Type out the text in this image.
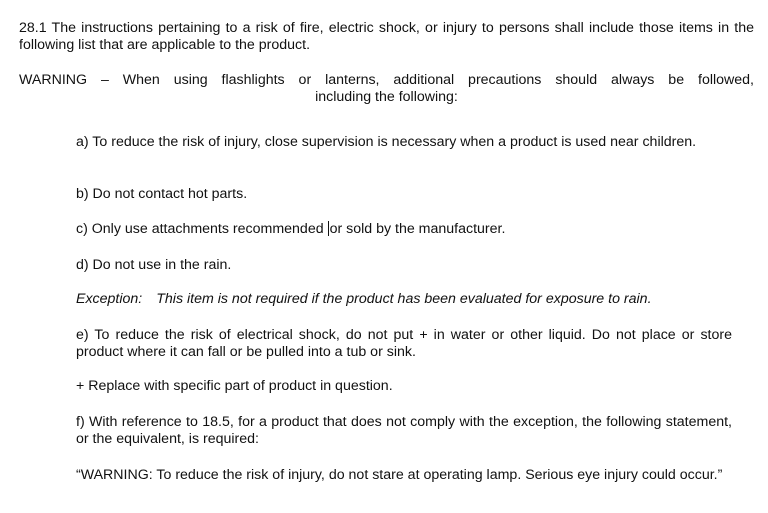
28.1 The instructions pertaining to a risk of fire, electric shock, or injury to persons shall include those items in the following list that are applicable to the product.

WARNING – When using flashlights or lanterns, additional precautions should always be followed,

including the following:

a) To reduce the risk of injury, close supervision is necessary when a product is used near children.

b) Do not contact hot parts.

c) Only use attachments recommended or sold by the manufacturer.

d) Do not use in the rain.

Exception: This item is not required if the product has been evaluated for exposure to rain.

e) To reduce the risk of electrical shock, do not put + in water or other liquid. Do not place or store product where it can fall or be pulled into a tub or sink.

+ Replace with specific part of product in question.

f) With reference to 18.5, for a product that does not comply with the exception, the following statement, or the equivalent, is required:

“WARNING: To reduce the risk of injury, do not stare at operating lamp. Serious eye injury could occur.”
